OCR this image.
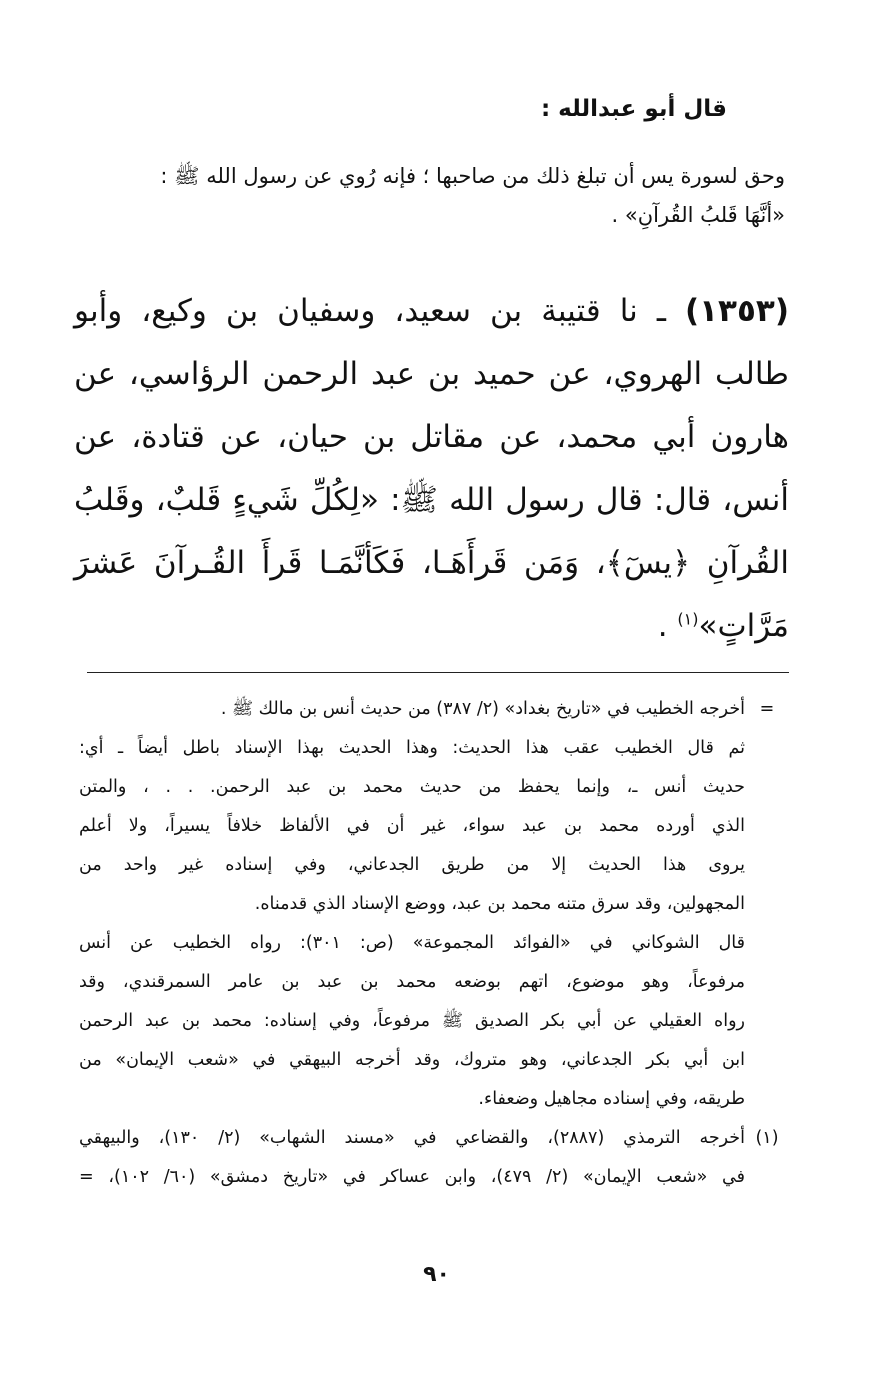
قال أبو عبدالله :

وحق لسورة يس أن تبلغ ذلك من صاحبها ؛ فإنه رُوي عن رسول الله ﷺ :

«أنَّهَا قَلبُ القُرآنِ» .

(١٣٥٣) ـ نا قتيبة بن سعيد، وسفيان بن وكيع، وأبو

طالب الهروي، عن حميد بن عبد الرحمن الرؤاسي، عن

هارون أبي محمد، عن مقاتل بن حيان، عن قتادة، عن

أنس، قال: قال رسول الله ﷺ: «لِكُلِّ شَيءٍ قَلبٌ، وقَلبُ

القُرآنِ ﴿يسٓ﴾، وَمَن قَرأَهَـا، فَكَأنَّمَـا قَرأَ القُـرآنَ عَشرَ

مَرَّاتٍ»$^{(١)}$ .

=

أخرجه الخطيب في «تاريخ بغداد» (٢/ ٣٨٧) من حديث أنس بن مالك ﷺ .

ثم قال الخطيب عقب هذا الحديث: وهذا الحديث بهذا الإسناد باطل أيضاً ـ أي:

حديث أنس ـ، وإنما يحفظ من حديث محمد بن عبد الرحمن. . . ، والمتن

الذي أورده محمد بن عبد سواء، غير أن في الألفاظ خلافاً يسيراً، ولا أعلم

يروى هذا الحديث إلا من طريق الجدعاني، وفي إسناده غير واحد من

المجهولين، وقد سرق متنه محمد بن عبد، ووضع الإسناد الذي قدمناه.

قال الشوكاني في «الفوائد المجموعة» (ص: ٣٠١): رواه الخطيب عن أنس

مرفوعاً، وهو موضوع، اتهم بوضعه محمد بن عبد بن عامر السمرقندي، وقد

رواه العقيلي عن أبي بكر الصديق ﷺ مرفوعاً، وفي إسناده: محمد بن عبد الرحمن

ابن أبي بكر الجدعاني، وهو متروك، وقد أخرجه البيهقي في «شعب الإيمان» من

طريقه، وفي إسناده مجاهيل وضعفاء.

(١)

أخرجه الترمذي (٢٨٨٧)، والقضاعي في «مسند الشهاب» (٢/ ١٣٠)، والبيهقي

في «شعب الإيمان» (٢/ ٤٧٩)، وابن عساكر في «تاريخ دمشق» (٦٠/ ١٠٢)، =

٩٠
